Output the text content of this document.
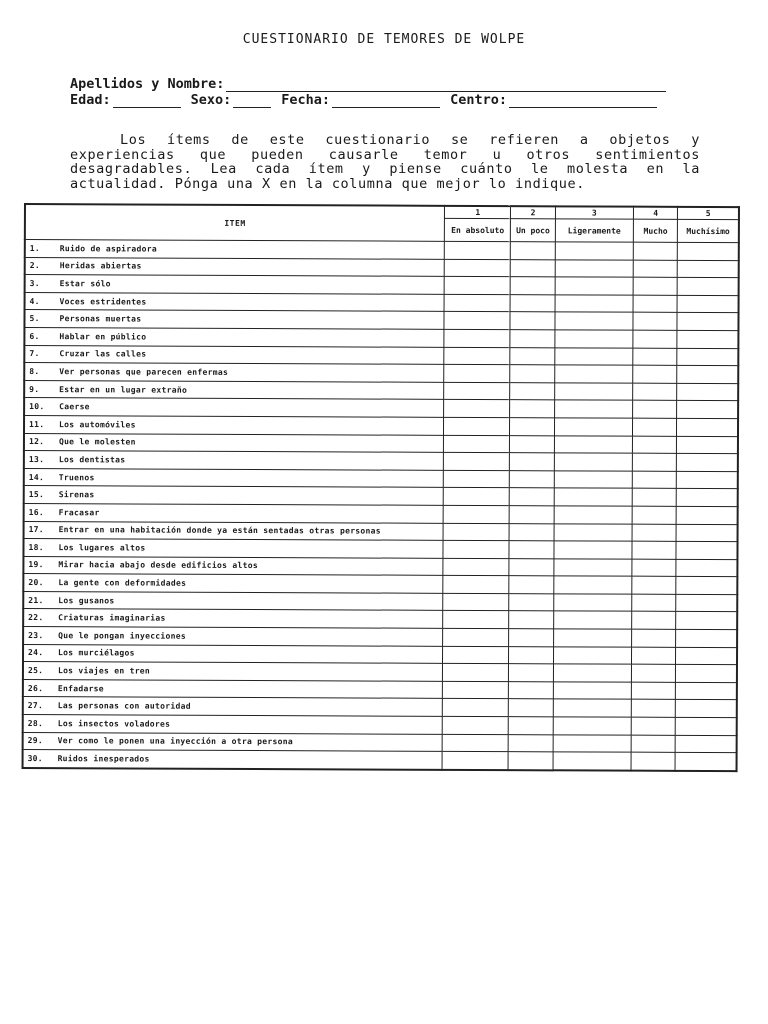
CUESTIONARIO DE TEMORES DE WOLPE
Apellidos y Nombre:
Edad:	Sexo:	Fecha:	Centro:
Los ítems de este cuestionario se refieren a objetos y experiencias que pueden causarle temor u otros sentimientos desagradables. Lea cada ítem y piense cuánto le molesta en la actualidad. Pónga una X en la columna que mejor lo indique.
ITEM	1	2	3	4	5
	En absoluto	Un poco	Ligeramente	Mucho	Muchísimo
1. Ruido de aspiradora					
2. Heridas abiertas					
3. Estar sólo					
4. Voces estridentes					
5. Personas muertas					
6. Hablar en público					
7. Cruzar las calles					
8. Ver personas que parecen enfermas					
9. Estar en un lugar extraño					
10. Caerse					
11. Los automóviles					
12. Que le molesten					
13. Los dentistas					
14. Truenos					
15. Sirenas					
16. Fracasar					
17. Entrar en una habitación donde ya están sentadas otras personas					
18. Los lugares altos					
19. Mirar hacia abajo desde edificios altos					
20. La gente con deformidades					
21. Los gusanos					
22. Criaturas imaginarias					
23. Que le pongan inyecciones					
24. Los murciélagos					
25. Los viajes en tren					
26. Enfadarse					
27. Las personas con autoridad					
28. Los insectos voladores					
29. Ver como le ponen una inyección a otra persona					
30. Ruidos inesperados					
